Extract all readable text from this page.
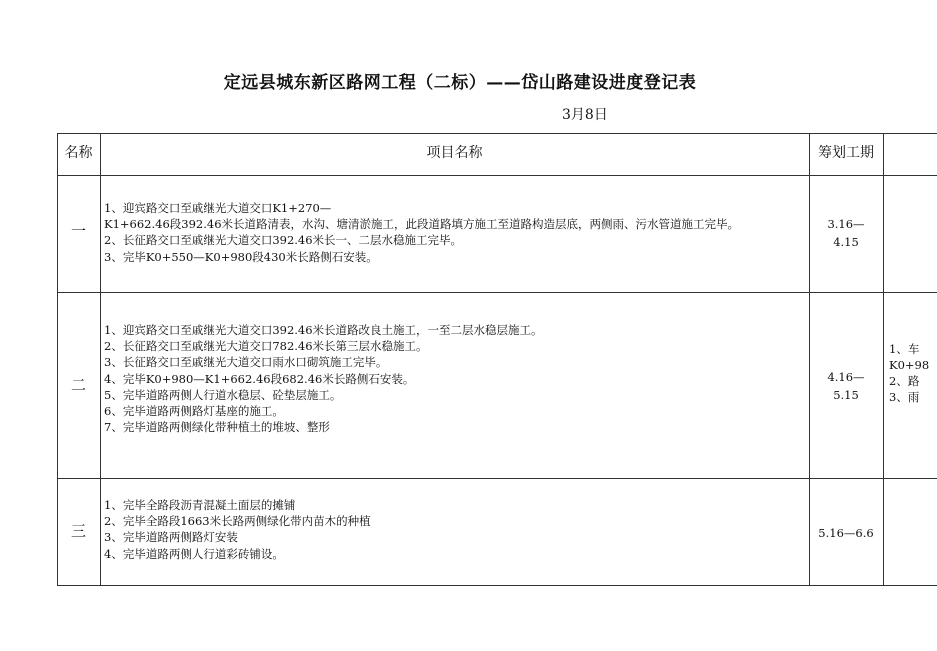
定远县城东新区路网工程（二标）——岱山路建设进度登记表
3月8日
名称	项目名称	筹划工期
一
1、迎宾路交口至戚继光大道交口K1+270—
K1+662.46段392.46米长道路清表，水沟、塘清淤施工，此段道路填方施工至道路构造层底，两侧雨、污水管道施工完毕。
2、长征路交口至戚继光大道交口392.46米长一、二层水稳施工完毕。
3、完毕K0+550—K0+980段430米长路侧石安装。
3.16—
4.15
二
1、迎宾路交口至戚继光大道交口392.46米长道路改良土施工，一至二层水稳层施工。
2、长征路交口至戚继光大道交口782.46米长第三层水稳施工。
3、长征路交口至戚继光大道交口雨水口砌筑施工完毕。
4、完毕K0+980—K1+662.46段682.46米长路侧石安装。
5、完毕道路两侧人行道水稳层、砼垫层施工。
6、完毕道路两侧路灯基座的施工。
7、完毕道路两侧绿化带种植土的堆坡、整形
4.16—
5.15
1、车
K0+98
2、路
3、雨
三
1、完毕全路段沥青混凝土面层的摊铺
2、完毕全路段1663米长路两侧绿化带内苗木的种植
3、完毕道路两侧路灯安装
4、完毕道路两侧人行道彩砖铺设。
5.16—6.6
